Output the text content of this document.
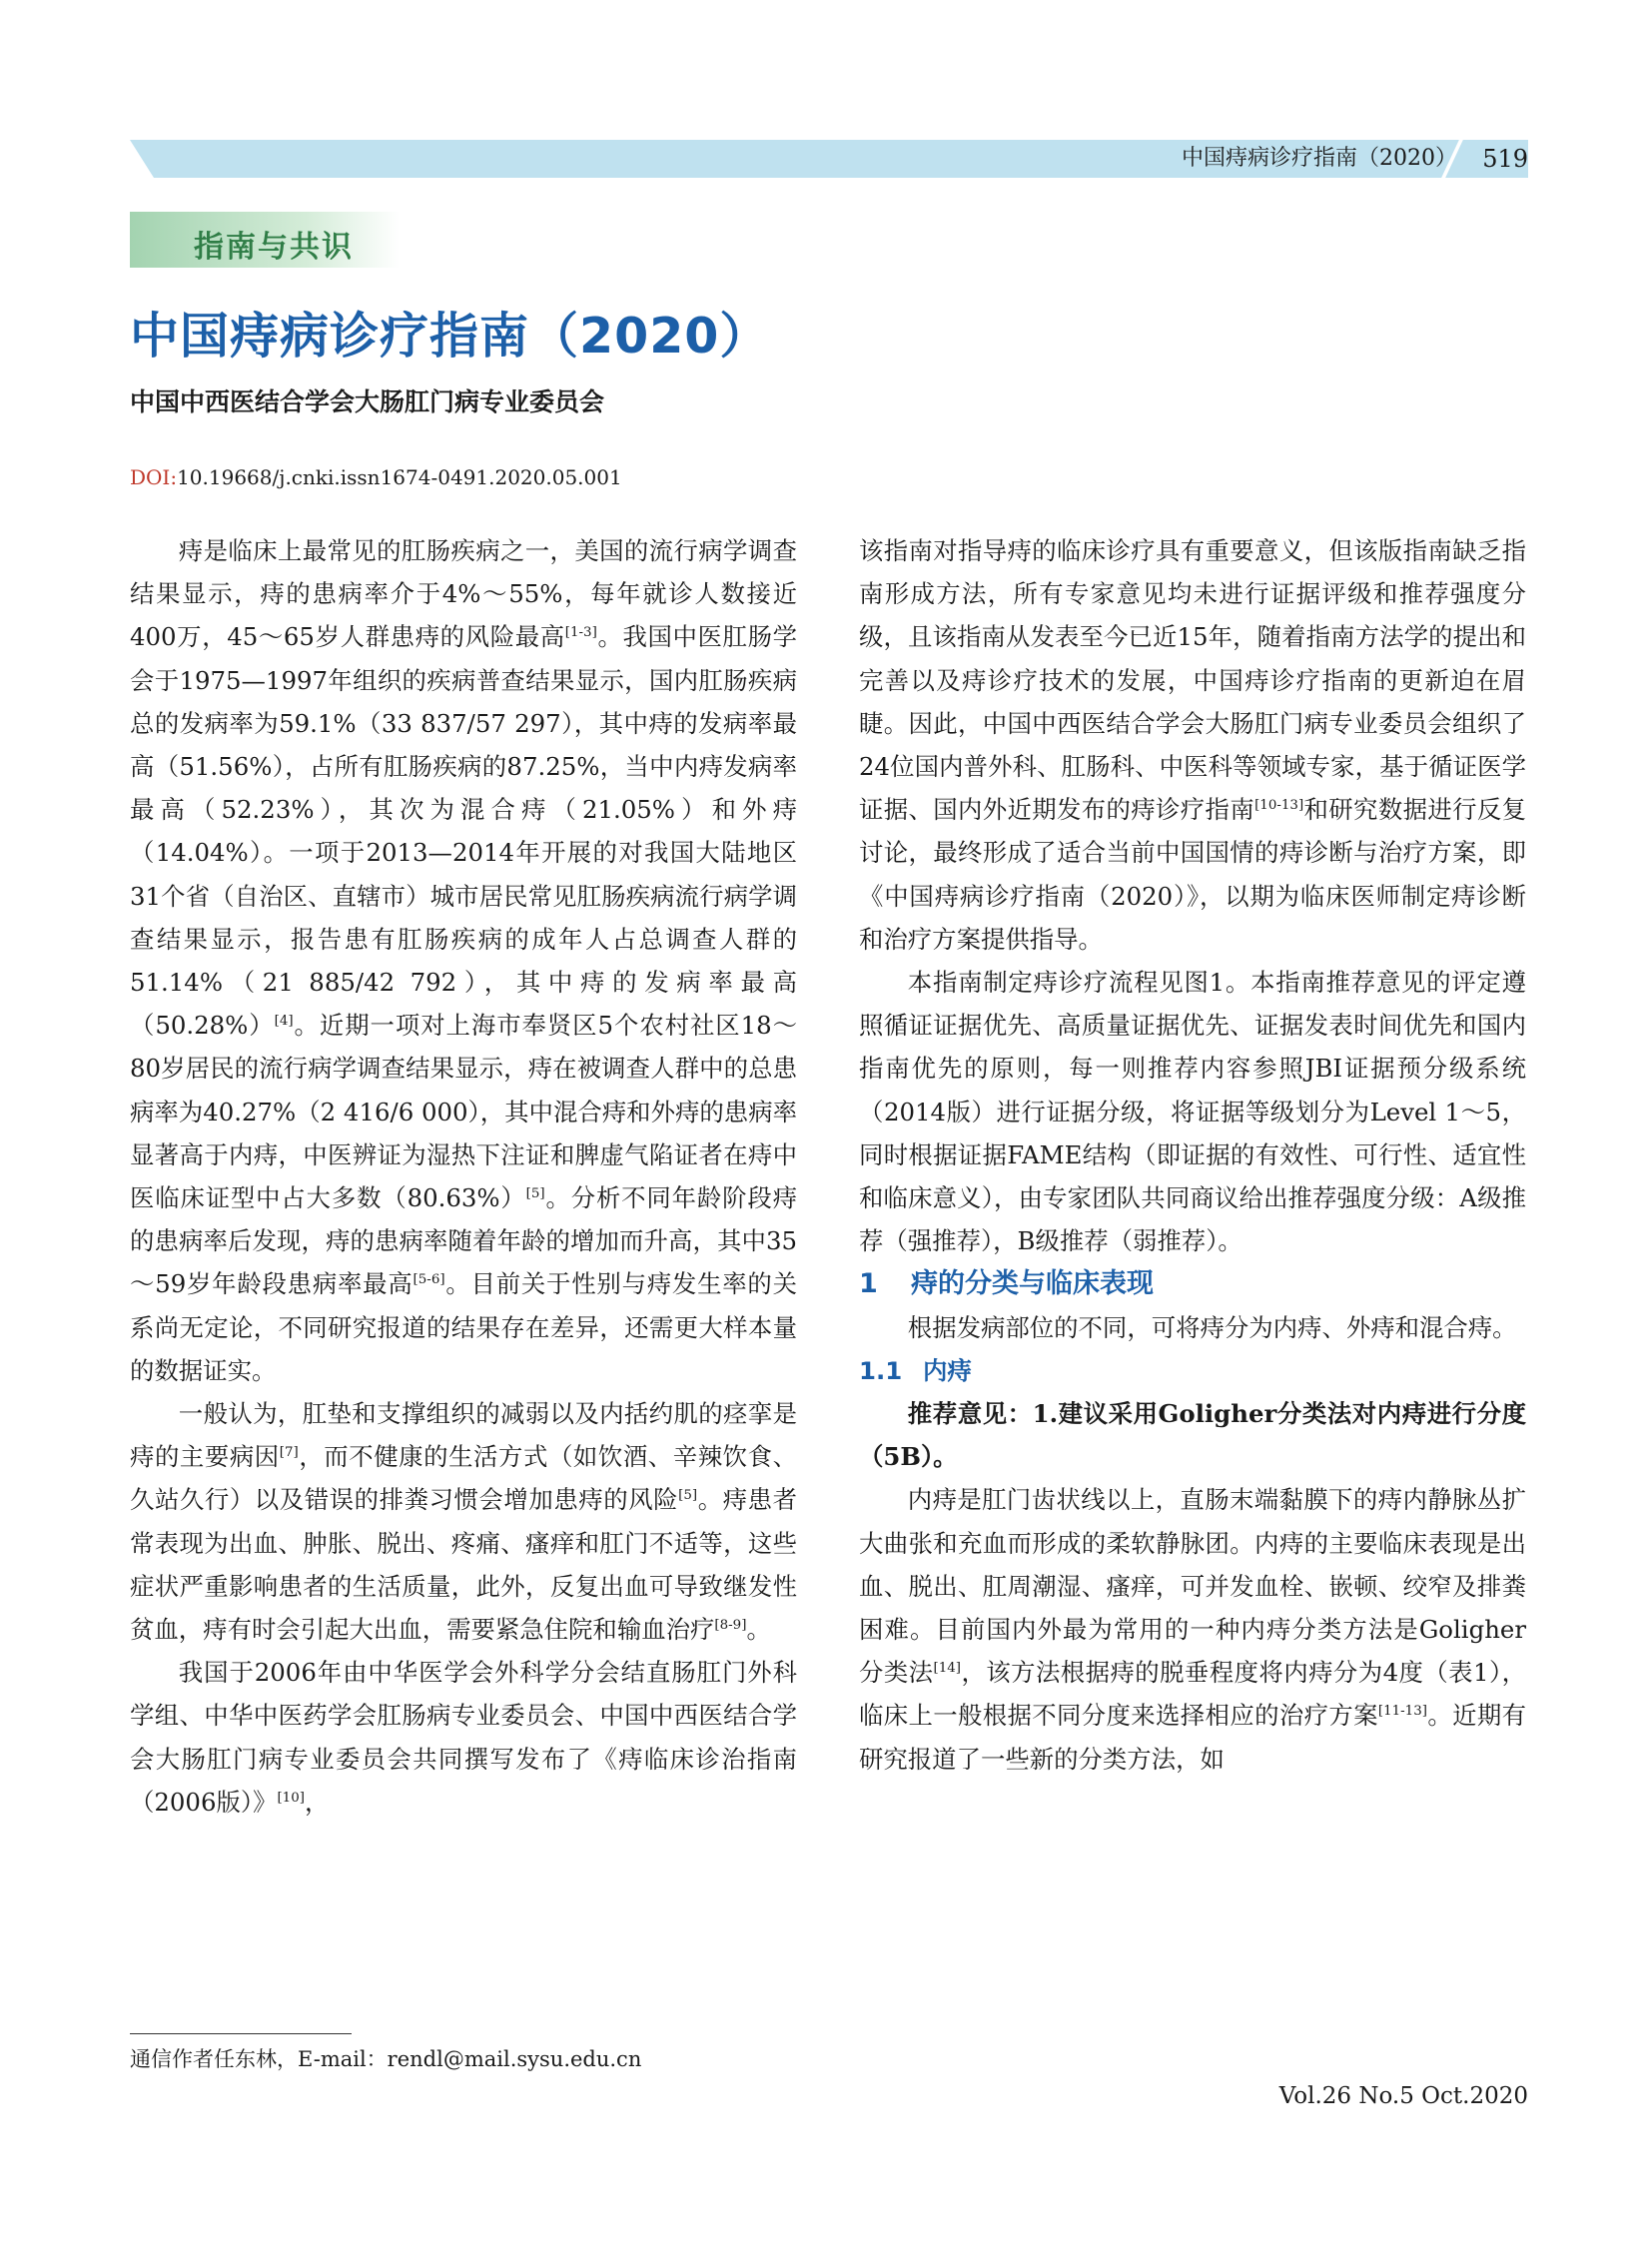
中国痔病诊疗指南（2020） 519
指南与共识
中国痔病诊疗指南（2020）
中国中西医结合学会大肠肛门病专业委员会
DOI:10.19668/j.cnki.issn1674-0491.2020.05.001

痔是临床上最常见的肛肠疾病之一，美国的流行病学调查结果显示，痔的患病率介于4%～55%，每年就诊人数接近400万，45～65岁人群患痔的风险最高[1-3]。我国中医肛肠学会于1975—1997年组织的疾病普查结果显示，国内肛肠疾病总的发病率为59.1%（33 837/57 297），其中痔的发病率最高（51.56%），占所有肛肠疾病的87.25%，当中内痔发病率最高（52.23%），其次为混合痔（21.05%）和外痔（14.04%）。一项于2013—2014年开展的对我国大陆地区31个省（自治区、直辖市）城市居民常见肛肠疾病流行病学调查结果显示，报告患有肛肠疾病的成年人占总调查人群的51.14%（21 885/42 792），其中痔的发病率最高（50.28%）[4]。近期一项对上海市奉贤区5个农村社区18～80岁居民的流行病学调查结果显示，痔在被调查人群中的总患病率为40.27%（2 416/6 000），其中混合痔和外痔的患病率显著高于内痔，中医辨证为湿热下注证和脾虚气陷证者在痔中医临床证型中占大多数（80.63%）[5]。分析不同年龄阶段痔的患病率后发现，痔的患病率随着年龄的增加而升高，其中35～59岁年龄段患病率最高[5-6]。目前关于性别与痔发生率的关系尚无定论，不同研究报道的结果存在差异，还需更大样本量的数据证实。

一般认为，肛垫和支撑组织的减弱以及内括约肌的痉挛是痔的主要病因[7]，而不健康的生活方式（如饮酒、辛辣饮食、久站久行）以及错误的排粪习惯会增加患痔的风险[5]。痔患者常表现为出血、肿胀、脱出、疼痛、瘙痒和肛门不适等，这些症状严重影响患者的生活质量，此外，反复出血可导致继发性贫血，痔有时会引起大出血，需要紧急住院和输血治疗[8-9]。

我国于2006年由中华医学会外科学分会结直肠肛门外科学组、中华中医药学会肛肠病专业委员会、中国中西医结合学会大肠肛门病专业委员会共同撰写发布了《痔临床诊治指南（2006版）》[10]，

该指南对指导痔的临床诊疗具有重要意义，但该版指南缺乏指南形成方法，所有专家意见均未进行证据评级和推荐强度分级，且该指南从发表至今已近15年，随着指南方法学的提出和完善以及痔诊疗技术的发展，中国痔诊疗指南的更新迫在眉睫。因此，中国中西医结合学会大肠肛门病专业委员会组织了24位国内普外科、肛肠科、中医科等领域专家，基于循证医学证据、国内外近期发布的痔诊疗指南[10-13]和研究数据进行反复讨论，最终形成了适合当前中国国情的痔诊断与治疗方案，即《中国痔病诊疗指南（2020）》，以期为临床医师制定痔诊断和治疗方案提供指导。

本指南制定痔诊疗流程见图1。本指南推荐意见的评定遵照循证证据优先、高质量证据优先、证据发表时间优先和国内指南优先的原则，每一则推荐内容参照JBI证据预分级系统（2014版）进行证据分级，将证据等级划分为Level 1～5，同时根据证据FAME结构（即证据的有效性、可行性、适宜性和临床意义），由专家团队共同商议给出推荐强度分级：A级推荐（强推荐），B级推荐（弱推荐）。

1 痔的分类与临床表现

根据发病部位的不同，可将痔分为内痔、外痔和混合痔。

1.1 内痔

推荐意见：1.建议采用Goligher分类法对内痔进行分度（5B）。

内痔是肛门齿状线以上，直肠末端黏膜下的痔内静脉丛扩大曲张和充血而形成的柔软静脉团。内痔的主要临床表现是出血、脱出、肛周潮湿、瘙痒，可并发血栓、嵌顿、绞窄及排粪困难。目前国内外最为常用的一种内痔分类方法是Goligher分类法[14]，该方法根据痔的脱垂程度将内痔分为4度（表1），临床上一般根据不同分度来选择相应的治疗方案[11-13]。近期有研究报道了一些新的分类方法，如

通信作者任东林，E-mail：rendl@mail.sysu.edu.cn
Vol.26 No.5 Oct.2020
